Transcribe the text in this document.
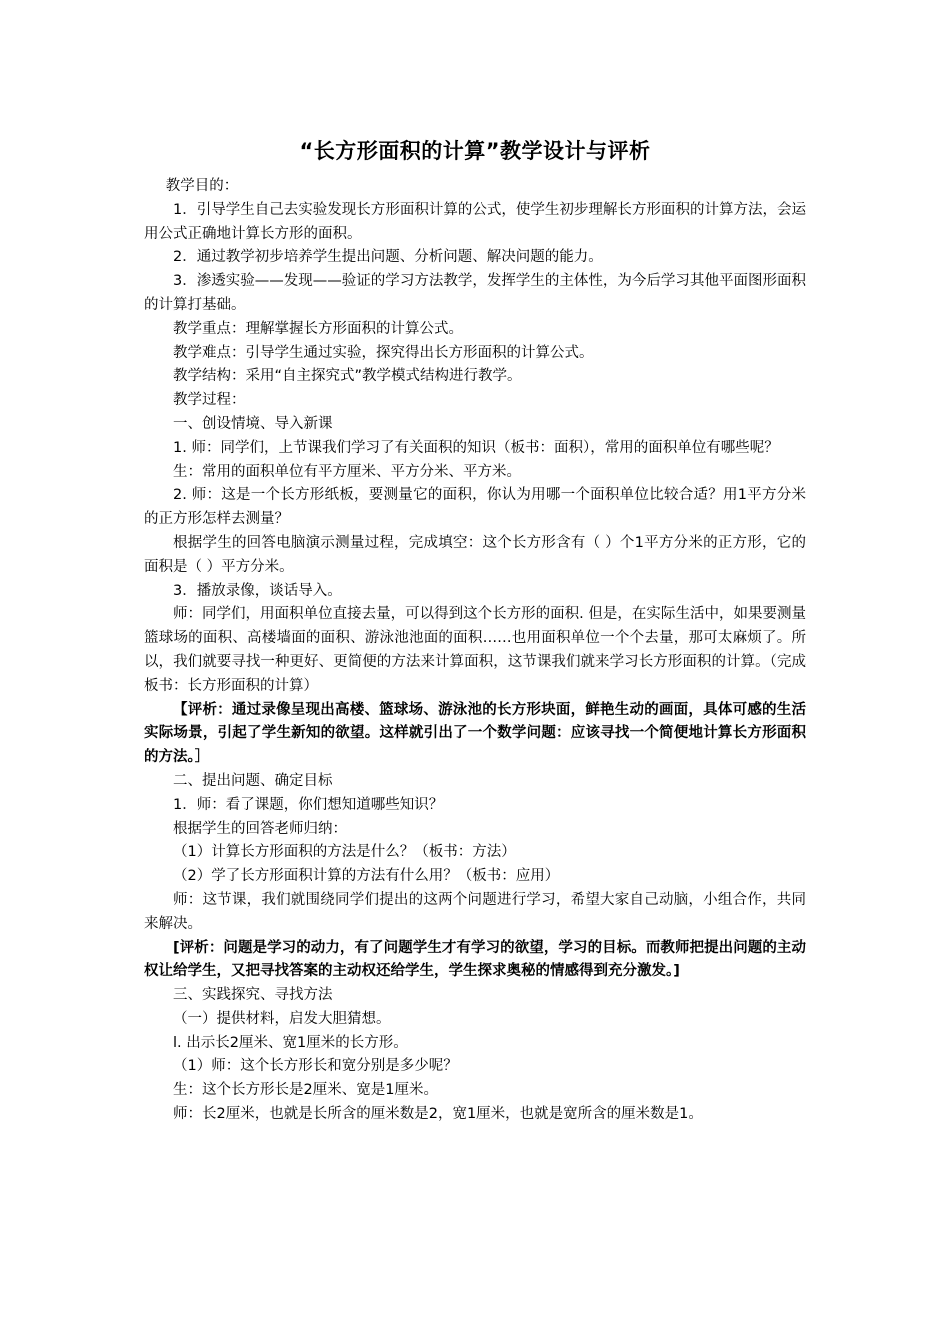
“长方形面积的计算”教学设计与评析

教学目的：

1．引导学生自己去实验发现长方形面积计算的公式，使学生初步理解长方形面积的计算方法，会运用公式正确地计算长方形的面积。

2．通过教学初步培养学生提出问题、分析问题、解决问题的能力。

3．渗透实验——发现——验证的学习方法教学，发挥学生的主体性，为今后学习其他平面图形面积的计算打基础。

教学重点：理解掌握长方形面积的计算公式。

教学难点：引导学生通过实验，探究得出长方形面积的计算公式。

教学结构：采用“自主探究式”教学模式结构进行教学。

教学过程：

一、创设情境、导入新课

1. 师：同学们，上节课我们学习了有关面积的知识（板书：面积），常用的面积单位有哪些呢？

生：常用的面积单位有平方厘米、平方分米、平方米。

2. 师：这是一个长方形纸板，要测量它的面积，你认为用哪一个面积单位比较合适？用1平方分米的正方形怎样去测量？

根据学生的回答电脑演示测量过程，完成填空：这个长方形含有（ ）个1平方分米的正方形，它的面积是（ ）平方分米。

3．播放录像，谈话导入。

师：同学们，用面积单位直接去量，可以得到这个长方形的面积. 但是，在实际生活中，如果要测量篮球场的面积、高楼墙面的面积、游泳池池面的面积……也用面积单位一个个去量，那可太麻烦了。所以，我们就要寻找一种更好、更简便的方法来计算面积，这节课我们就来学习长方形面积的计算。（完成板书：长方形面积的计算）

【评析：通过录像呈现出高楼、篮球场、游泳池的长方形块面，鲜艳生动的画面，具体可感的生活实际场景，引起了学生新知的欲望。这样就引出了一个数学问题：应该寻找一个简便地计算长方形面积的方法。］

二、提出问题、确定目标

1．师：看了课题，你们想知道哪些知识？

根据学生的回答老师归纳：

（1）计算长方形面积的方法是什么？（板书：方法）

（2）学了长方形面积计算的方法有什么用？（板书：应用）

师：这节课，我们就围绕同学们提出的这两个问题进行学习，希望大家自己动脑，小组合作，共同来解决。

[评析：问题是学习的动力，有了问题学生才有学习的欲望，学习的目标。而教师把提出问题的主动权让给学生，又把寻找答案的主动权还给学生，学生探求奥秘的情感得到充分激发。]

三、实践探究、寻找方法

（一）提供材料，启发大胆猜想。

l. 出示长2厘米、宽1厘米的长方形。

（1）师：这个长方形长和宽分别是多少呢？

生：这个长方形长是2厘米、宽是1厘米。

师：长2厘米，也就是长所含的厘米数是2，宽1厘米，也就是宽所含的厘米数是1。
